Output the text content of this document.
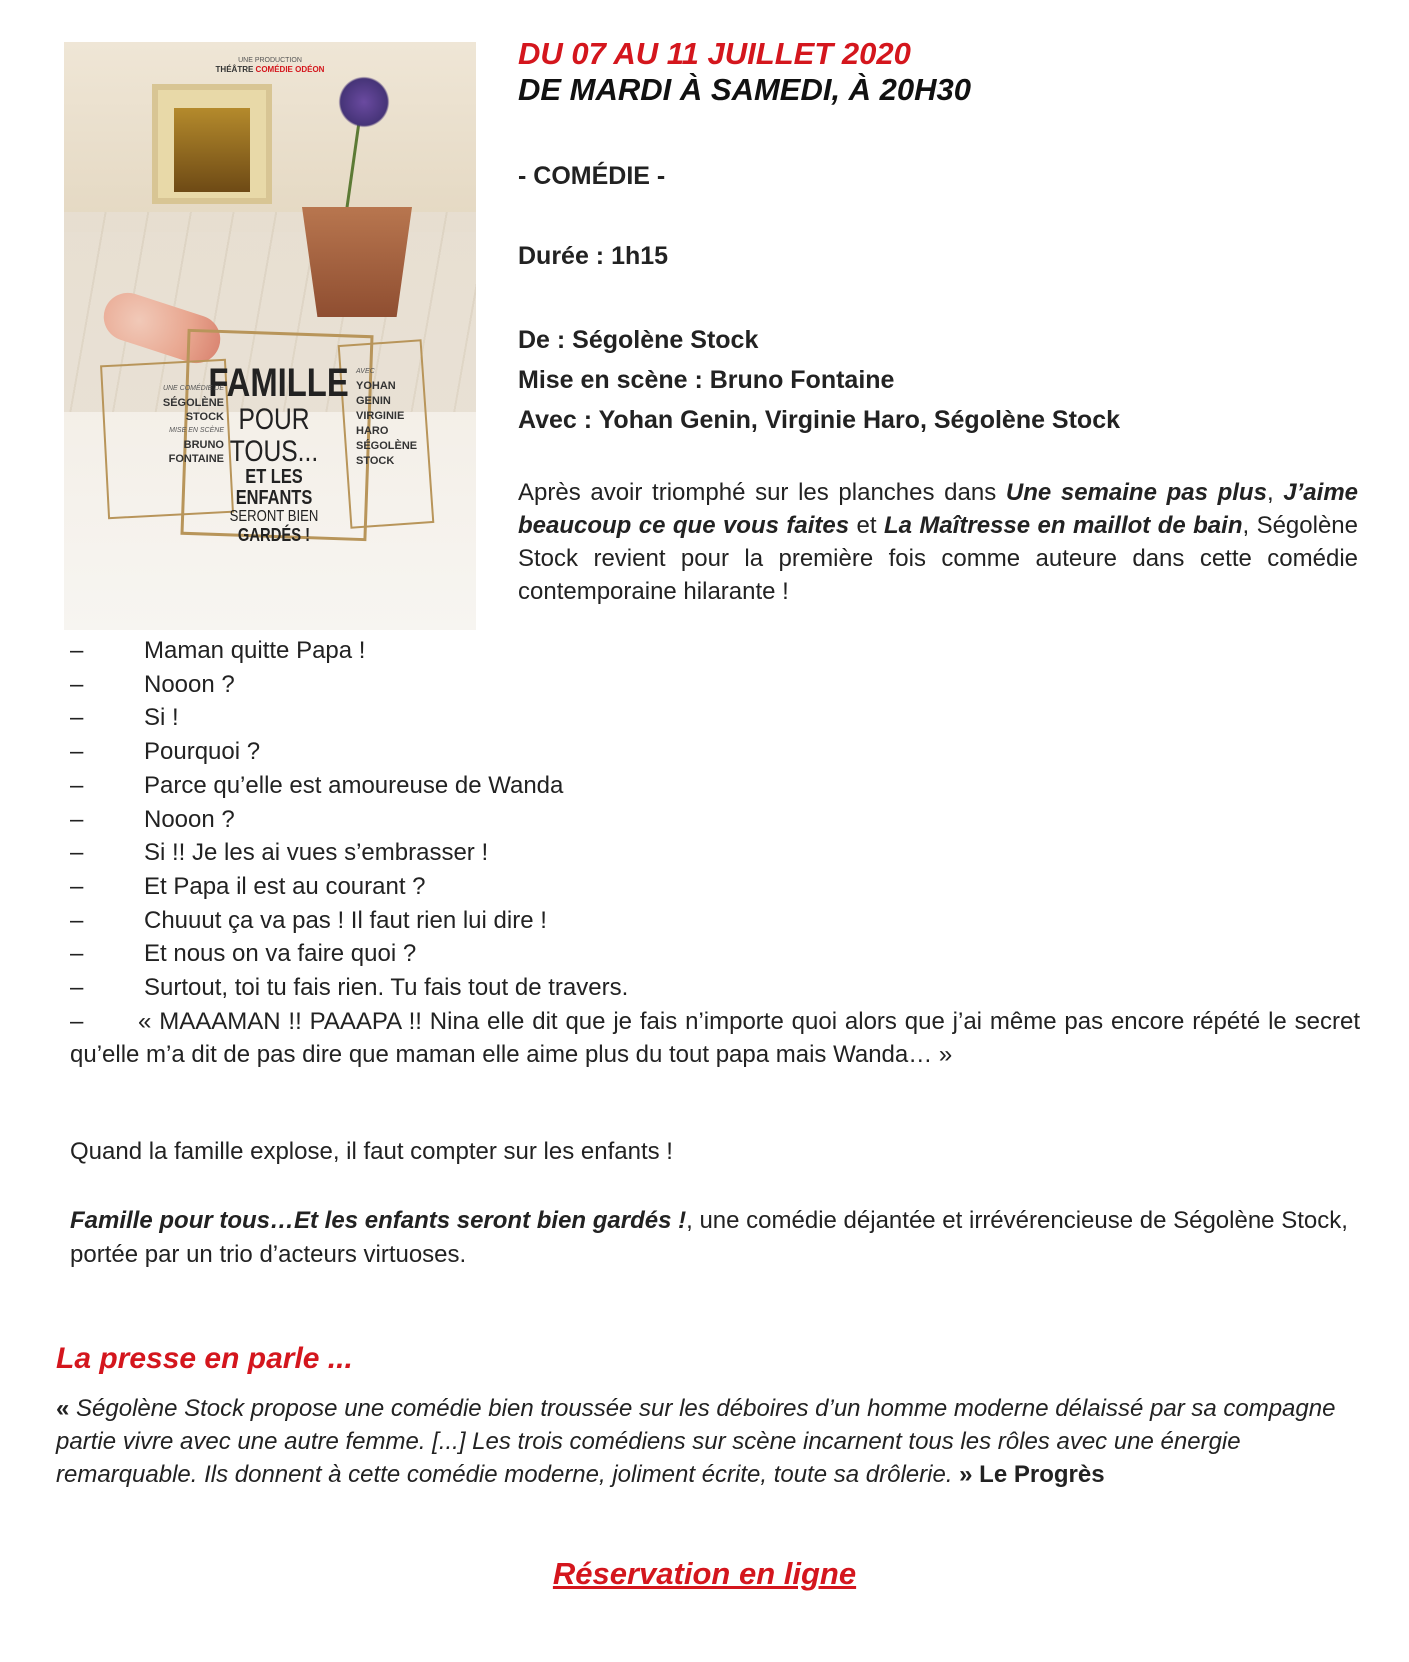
UNE PRODUCTION
THÉÂTRE COMÉDIE ODÉON
FAMILLE
POUR TOUS...
ET LES ENFANTS
SERONT BIEN
GARDÉS !
UNE COMÉDIE DE
SÉGOLÈNE
STOCK
MISE EN SCÈNE
BRUNO
FONTAINE
AVEC
YOHAN
GENIN
VIRGINIE
HARO
SÉGOLÈNE
STOCK
DU 07 AU 11 JUILLET 2020
DE MARDI À SAMEDI, À 20H30
- COMÉDIE -
Durée : 1h15
De : Ségolène Stock
Mise en scène : Bruno Fontaine
Avec : Yohan Genin, Virginie Haro, Ségolène Stock
Après avoir triomphé sur les planches dans Une semaine pas plus, J’aime beaucoup ce que vous faites et La Maîtresse en maillot de bain, Ségolène Stock revient pour la première fois comme auteure dans cette comédie contemporaine hilarante !
–	Maman quitte Papa !
–	Nooon ?
–	Si !
–	Pourquoi ?
–	Parce qu’elle est amoureuse de Wanda
–	Nooon ?
–	Si !! Je les ai vues s’embrasser !
–	Et Papa il est au courant ?
–	Chuuut ça va pas ! Il faut rien lui dire !
–	Et nous on va faire quoi ?
–	Surtout, toi tu fais rien. Tu fais tout de travers.
– « MAAAMAN !! PAAAPA !! Nina elle dit que je fais n’importe quoi alors que j’ai même pas encore répété le secret qu’elle m’a dit de pas dire que maman elle aime plus du tout papa mais Wanda… »
Quand la famille explose, il faut compter sur les enfants !
Famille pour tous…Et les enfants seront bien gardés !, une comédie déjantée et irrévérencieuse de Ségolène Stock, portée par un trio d’acteurs virtuoses.
La presse en parle ...
« Ségolène Stock propose une comédie bien troussée sur les déboires d’un homme moderne délaissé par sa compagne partie vivre avec une autre femme. [...] Les trois comédiens sur scène incarnent tous les rôles avec une énergie remarquable. Ils donnent à cette comédie moderne, joliment écrite, toute sa drôlerie. » Le Progrès
Réservation en ligne
